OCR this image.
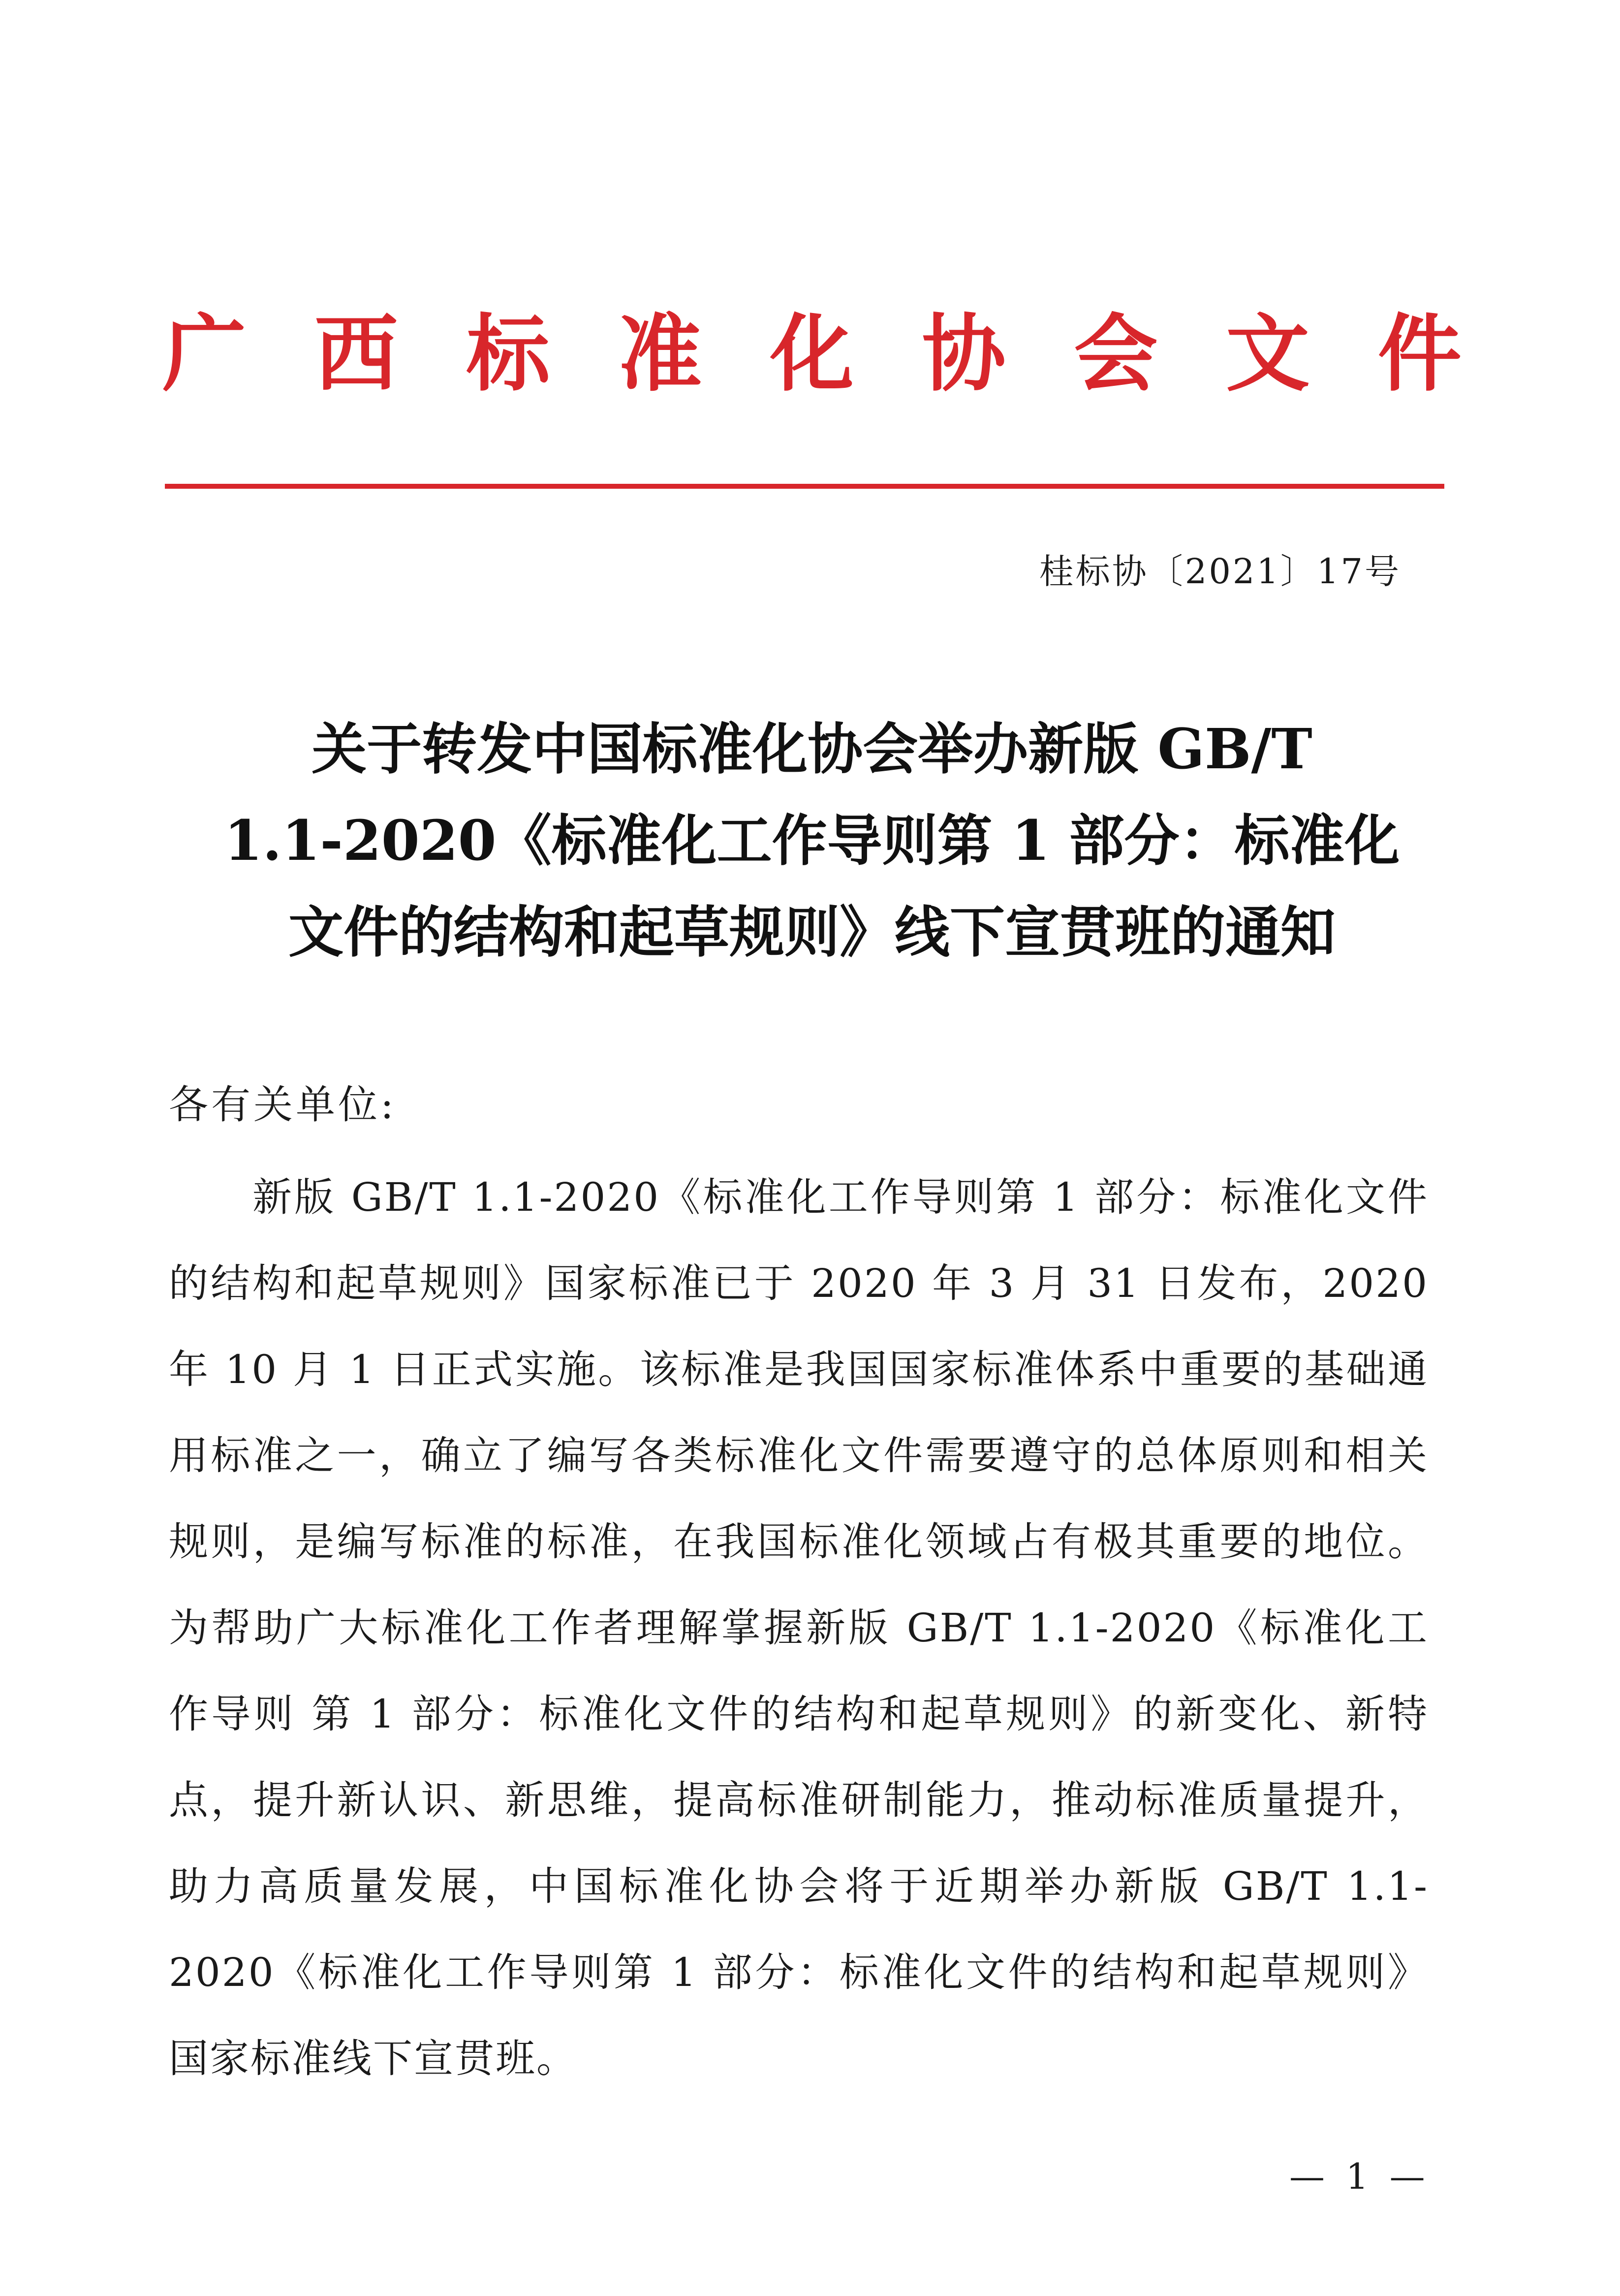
广 西 标 准 化 协 会 文 件
桂标协〔2021〕17号
关于转发中国标准化协会举办新版 GB/T
1.1-2020《标准化工作导则第 1 部分：标准化
文件的结构和起草规则》线下宣贯班的通知
各有关单位:
新版 GB/T 1.1-2020《标准化工作导则第 1 部分：标准化文件的结构和起草规则》国家标准已于 2020 年 3 月 31 日发布，2020 年 10 月 1 日正式实施。该标准是我国国家标准体系中重要的基础通用标准之一，确立了编写各类标准化文件需要遵守的总体原则和相关规则，是编写标准的标准，在我国标准化领域占有极其重要的地位。为帮助广大标准化工作者理解掌握新版 GB/T 1.1-2020《标准化工作导则 第 1 部分：标准化文件的结构和起草规则》的新变化、新特点，提升新认识、新思维，提高标准研制能力，推动标准质量提升，助力高质量发展，中国标准化协会将于近期举办新版 GB/T 1.1-2020《标准化工作导则第 1 部分：标准化文件的结构和起草规则》国家标准线下宣贯班。
— 1 —
